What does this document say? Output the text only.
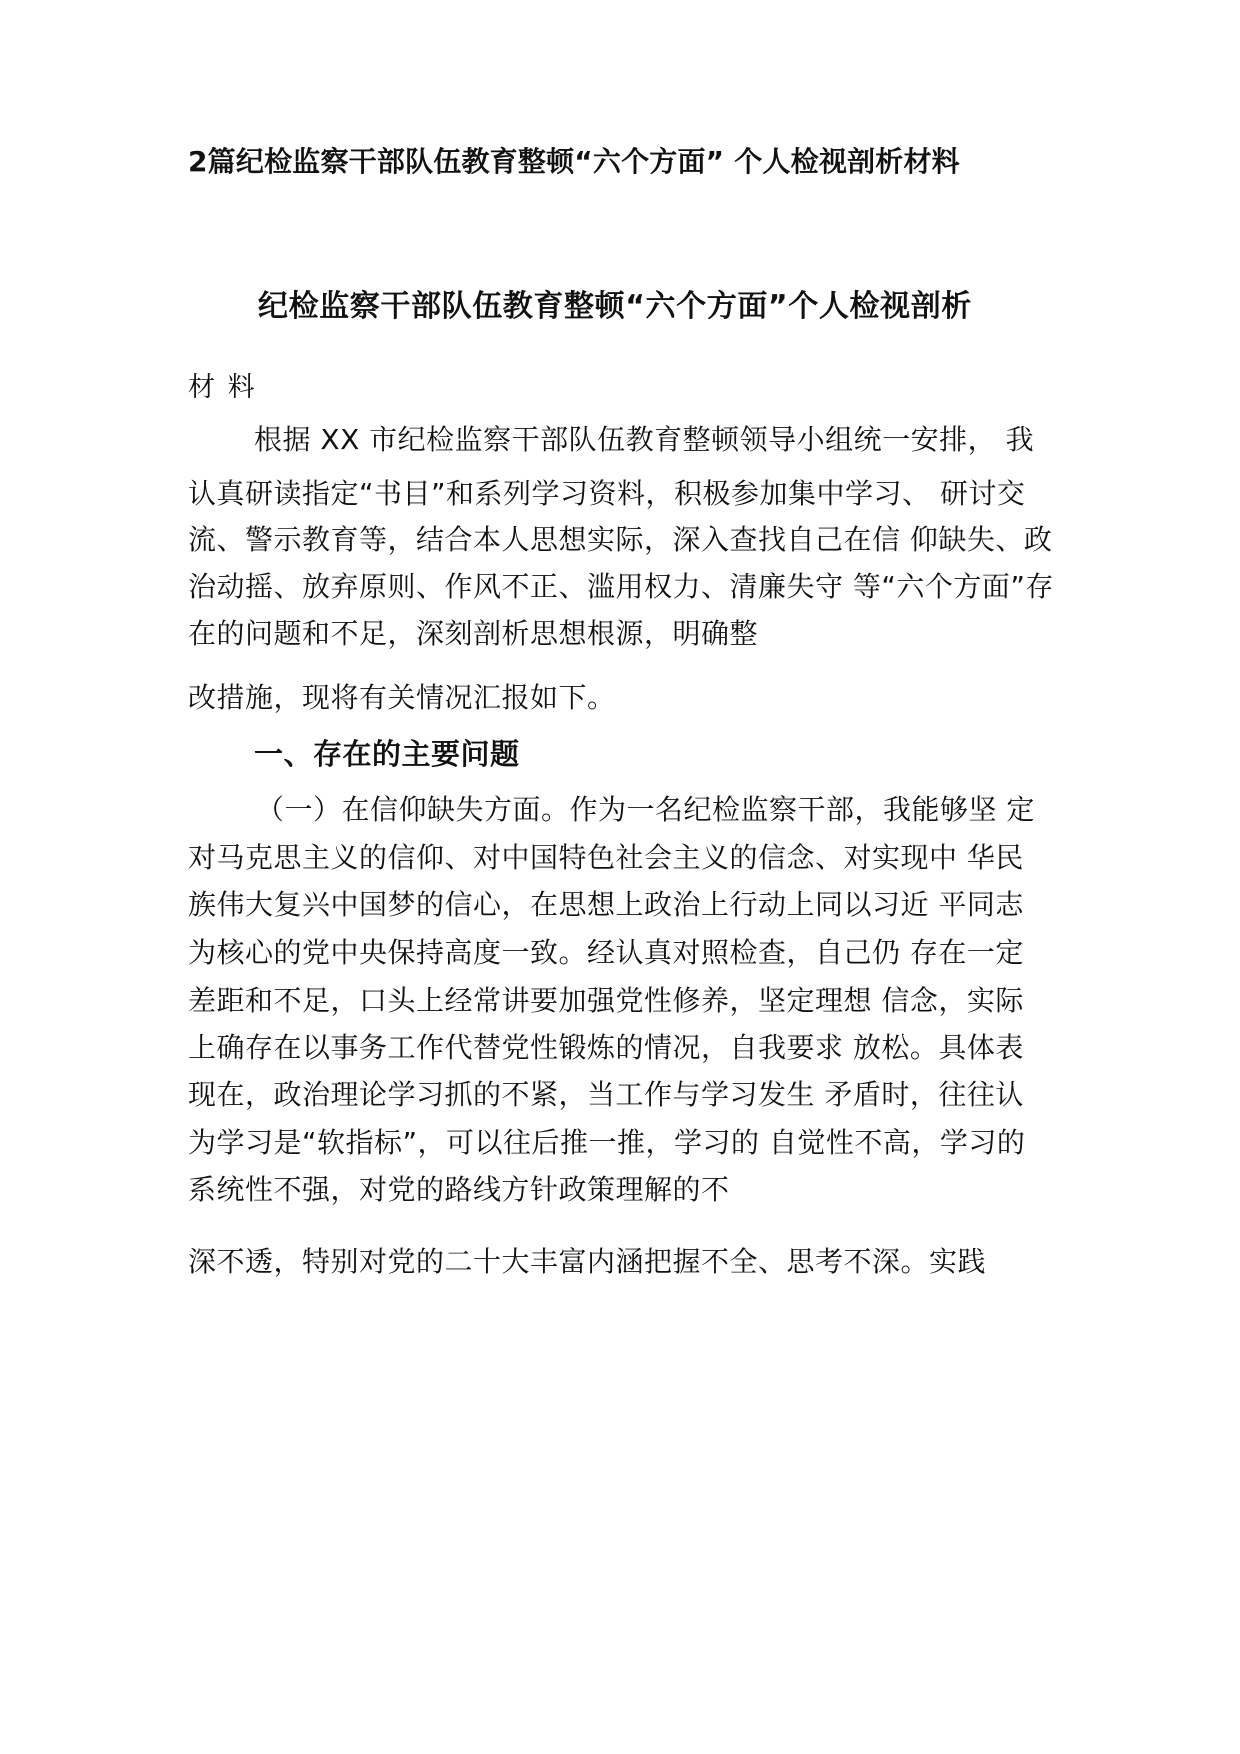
2篇纪检监察干部队伍教育整顿“六个方面” 个人检视剖析材料
纪检监察干部队伍教育整顿“六个方面”个人检视剖析
材 料
根据 XX 市纪检监察干部队伍教育整顿领导小组统一安排， 我
认真研读指定“书目”和系列学习资料，积极参加集中学习、 研讨交
流、警示教育等，结合本人思想实际，深入查找自己在信 仰缺失、政
治动摇、放弃原则、作风不正、滥用权力、清廉失守 等“六个方面”存
在的问题和不足，深刻剖析思想根源，明确整
改措施，现将有关情况汇报如下。
一、存在的主要问题
（一）在信仰缺失方面。作为一名纪检监察干部，我能够坚 定
对马克思主义的信仰、对中国特色社会主义的信念、对实现中 华民
族伟大复兴中国梦的信心，在思想上政治上行动上同以习近 平同志
为核心的党中央保持高度一致。经认真对照检查，自己仍 存在一定
差距和不足，口头上经常讲要加强党性修养，坚定理想 信念，实际
上确存在以事务工作代替党性锻炼的情况，自我要求 放松。具体表
现在，政治理论学习抓的不紧，当工作与学习发生 矛盾时，往往认
为学习是“软指标”，可以往后推一推，学习的 自觉性不高，学习的
系统性不强，对党的路线方针政策理解的不
深不透，特别对党的二十大丰富内涵把握不全、思考不深。实践
